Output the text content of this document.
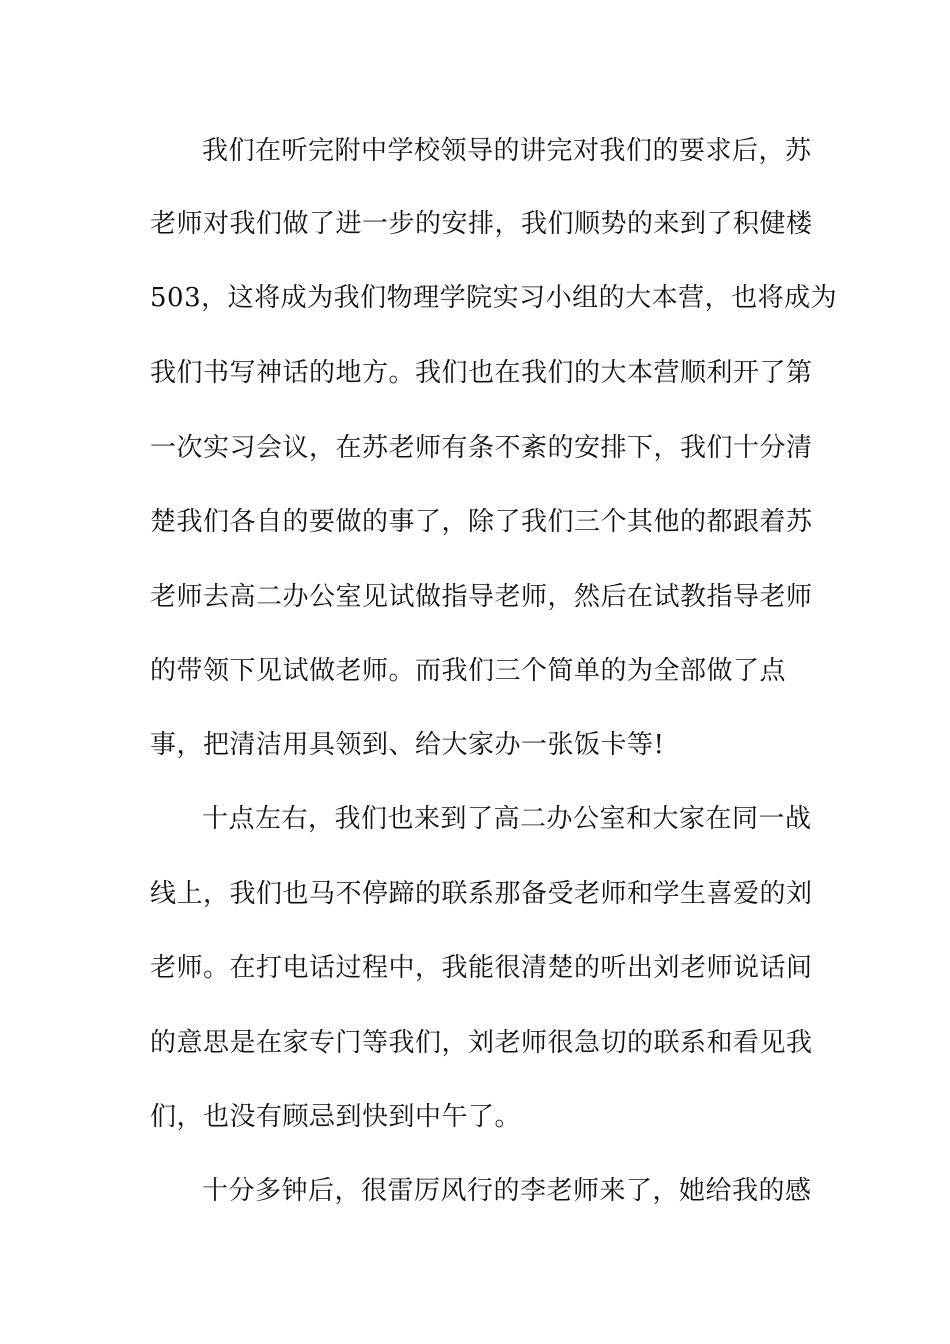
我们在听完附中学校领导的讲完对我们的要求后，苏
老师对我们做了进一步的安排，我们顺势的来到了积健楼
503，这将成为我们物理学院实习小组的大本营，也将成为
我们书写神话的地方。我们也在我们的大本营顺利开了第
一次实习会议，在苏老师有条不紊的安排下，我们十分清
楚我们各自的要做的事了，除了我们三个其他的都跟着苏
老师去高二办公室见试做指导老师，然后在试教指导老师
的带领下见试做老师。而我们三个简单的为全部做了点
事，把清洁用具领到、给大家办一张饭卡等!
十点左右，我们也来到了高二办公室和大家在同一战
线上，我们也马不停蹄的联系那备受老师和学生喜爱的刘
老师。在打电话过程中，我能很清楚的听出刘老师说话间
的意思是在家专门等我们，刘老师很急切的联系和看见我
们，也没有顾忌到快到中午了。
十分多钟后，很雷厉风行的李老师来了，她给我的感
